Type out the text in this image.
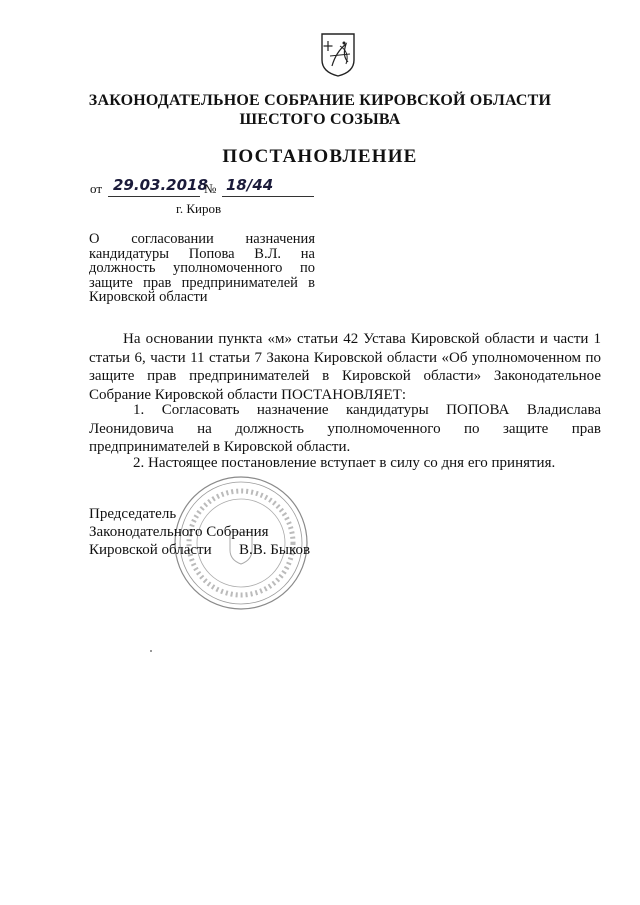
ЗАКОНОДАТЕЛЬНОЕ СОБРАНИЕ КИРОВСКОЙ ОБЛАСТИ
ШЕСТОГО СОЗЫВА
ПОСТАНОВЛЕНИЕ
от 29.03.2018
№ 18/44
г. Киров
О согласовании назначения кандидатуры Попова В.Л. на должность уполномоченного по защите прав предпринимателей в Кировской области
На основании пункта «м» статьи 42 Устава Кировской области и части 1 статьи 6, части 11 статьи 7 Закона Кировской области «Об уполномоченном по защите прав предпринимателей в Кировской области» Законодательное Собрание Кировской области ПОСТАНОВЛЯЕТ:
1. Согласовать назначение кандидатуры ПОПОВА Владислава Леонидовича на должность уполномоченного по защите прав предпринимателей в Кировской области.
2. Настоящее постановление вступает в силу со дня его принятия.
Председатель
Законодательного Собрания
Кировской области В.В. Быков
